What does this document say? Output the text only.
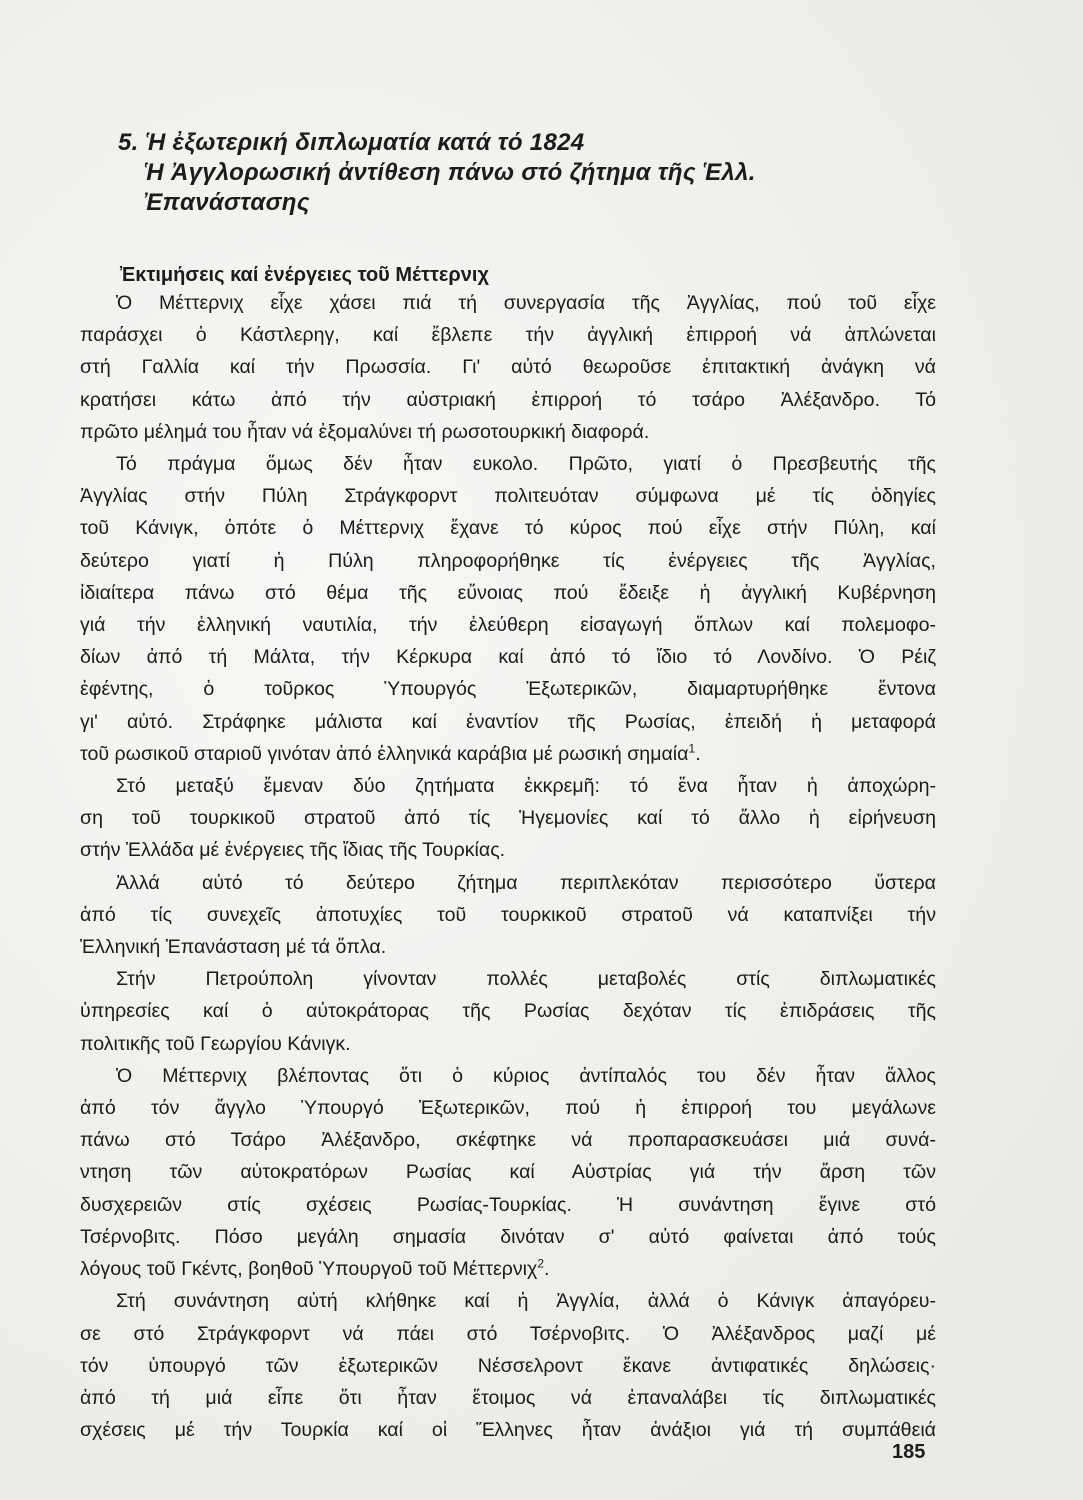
5. Ἡ ἐξωτερική διπλωματία κατά τό 1824
Ἡ Ἀγγλορωσική ἀντίθεση πάνω στό ζήτημα τῆς Ἑλλ.
Ἐπανάστασης
Ἐκτιμήσεις καί ἐνέργειες τοῦ Μέττερνιχ
Ὁ Μέττερνιχ εἶχε χάσει πιά τή συνεργασία τῆς Ἀγγλίας, πού τοῦ εἶχε
παράσχει ὁ Κάστλερηγ, καί ἔβλεπε τήν ἀγγλική ἐπιρροή νά ἁπλώνεται
στή Γαλλία καί τήν Πρωσσία. Γι' αὐτό θεωροῦσε ἐπιτακτική ἀνάγκη νά
κρατήσει κάτω ἀπό τήν αὐστριακή ἐπιρροή τό τσάρο Ἀλέξανδρο. Τό
πρῶτο μέλημά του ἦταν νά ἐξομαλύνει τή ρωσοτουρκική διαφορά.
Τό πράγμα ὅμως δέν ἦταν ευκολο. Πρῶτο, γιατί ὁ Πρεσβευτής τῆς
Ἀγγλίας στήν Πύλη Στράγκφορντ πολιτευόταν σύμφωνα μέ τίς ὁδηγίες
τοῦ Κάνιγκ, ὁπότε ὁ Μέττερνιχ ἔχανε τό κύρος πού εἶχε στήν Πύλη, καί
δεύτερο γιατί ἡ Πύλη πληροφορήθηκε τίς ἐνέργειες τῆς Ἀγγλίας,
ἰδιαίτερα πάνω στό θέμα τῆς εὔνοιας πού ἔδειξε ἡ ἀγγλική Κυβέρνηση
γιά τήν ἑλληνική ναυτιλία, τήν ἐλεύθερη εἰσαγωγή ὅπλων καί πολεμοφο-
δίων ἀπό τή Μάλτα, τήν Κέρκυρα καί ἀπό τό ἴδιο τό Λονδίνο. Ὁ Ρέιζ
ἐφέντης, ὁ τοῦρκος Ὑπουργός Ἐξωτερικῶν, διαμαρτυρήθηκε ἔντονα
γι' αὐτό. Στράφηκε μάλιστα καί ἐναντίον τῆς Ρωσίας, ἐπειδή ἡ μεταφορά
τοῦ ρωσικοῦ σταριοῦ γινόταν ἀπό ἑλληνικά καράβια μέ ρωσική σημαία$^1$.
Στό μεταξύ ἔμεναν δύο ζητήματα ἐκκρεμῆ: τό ἕνα ἦταν ἡ ἀποχώρη-
ση τοῦ τουρκικοῦ στρατοῦ ἀπό τίς Ἡγεμονίες καί τό ἄλλο ἡ εἰρήνευση
στήν Ἑλλάδα μέ ἐνέργειες τῆς ἴδιας τῆς Τουρκίας.
Ἀλλά αὐτό τό δεύτερο ζήτημα περιπλεκόταν περισσότερο ὕστερα
ἀπό τίς συνεχεῖς ἀποτυχίες τοῦ τουρκικοῦ στρατοῦ νά καταπνίξει τήν
Ἑλληνική Ἐπανάσταση μέ τά ὅπλα.
Στήν Πετρούπολη γίνονταν πολλές μεταβολές στίς διπλωματικές
ὑπηρεσίες καί ὁ αὐτοκράτορας τῆς Ρωσίας δεχόταν τίς ἐπιδράσεις τῆς
πολιτικῆς τοῦ Γεωργίου Κάνιγκ.
Ὁ Μέττερνιχ βλέποντας ὅτι ὁ κύριος ἀντίπαλός του δέν ἦταν ἄλλος
ἀπό τόν ἄγγλο Ὑπουργό Ἐξωτερικῶν, πού ἡ ἐπιρροή του μεγάλωνε
πάνω στό Τσάρο Ἀλέξανδρο, σκέφτηκε νά προπαρασκευάσει μιά συνά-
ντηση τῶν αὐτοκρατόρων Ρωσίας καί Αὐστρίας γιά τήν ἄρση τῶν
δυσχερειῶν στίς σχέσεις Ρωσίας-Τουρκίας. Ἡ συνάντηση ἔγινε στό
Τσέρνοβιτς. Πόσο μεγάλη σημασία δινόταν σ' αὐτό φαίνεται ἀπό τούς
λόγους τοῦ Γκέντς, βοηθοῦ Ὑπουργοῦ τοῦ Μέττερνιχ$^2$.
Στή συνάντηση αὐτή κλήθηκε καί ἡ Ἀγγλία, ἀλλά ὁ Κάνιγκ ἀπαγόρευ-
σε στό Στράγκφορντ νά πάει στό Τσέρνοβιτς. Ὁ Ἀλέξανδρος μαζί μέ
τόν ὑπουργό τῶν ἐξωτερικῶν Νέσσελροντ ἔκανε ἀντιφατικές δηλώσεις·
ἀπό τή μιά εἶπε ὅτι ἦταν ἕτοιμος νά ἐπαναλάβει τίς διπλωματικές
σχέσεις μέ τήν Τουρκία καί οἱ Ἕλληνες ἦταν ἀνάξιοι γιά τή συμπάθειά
185
